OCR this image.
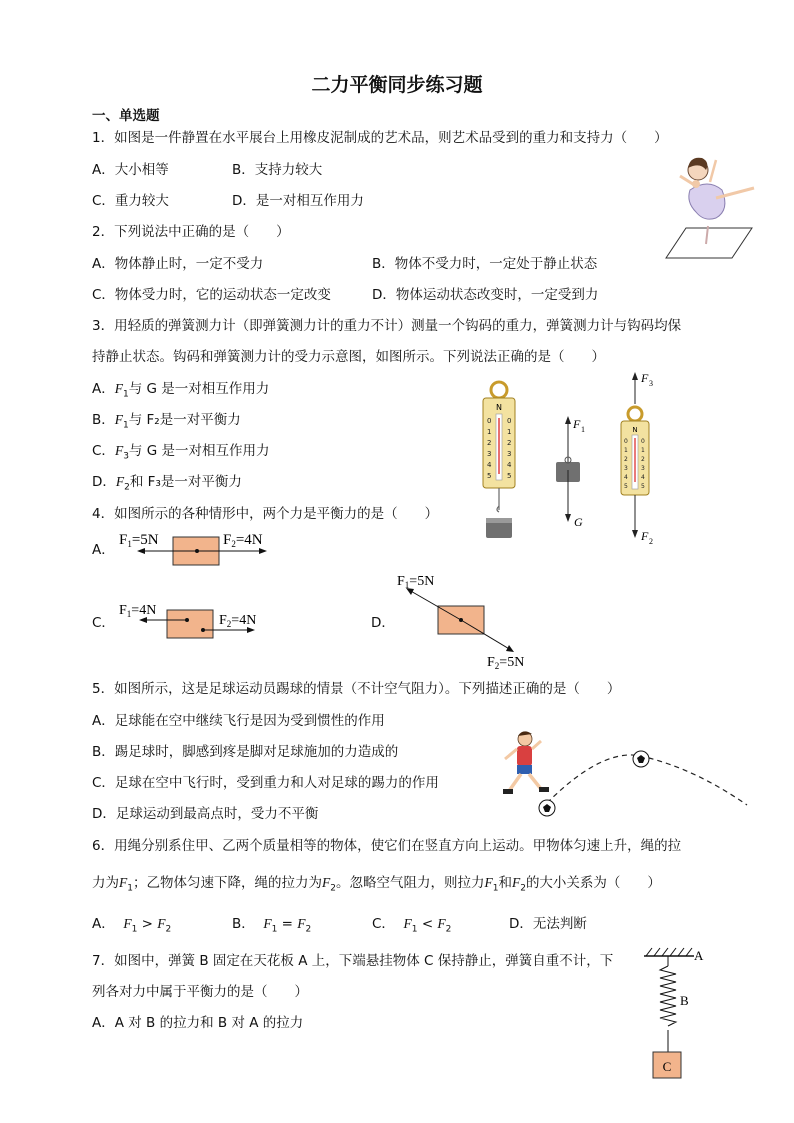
二力平衡同步练习题
一、单选题
1．如图是一件静置在水平展台上用橡皮泥制成的艺术品，则艺术品受到的重力和支持力（　　）
A．大小相等	B．支持力较大
C．重力较大	D．是一对相互作用力
2．下列说法中正确的是（　　）
A．物体静止时，一定不受力	B．物体不受力时，一定处于静止状态
C．物体受力时，它的运动状态一定改变	D．物体运动状态改变时，一定受到力
3．用轻质的弹簧测力计（即弹簧测力计的重力不计）测量一个钩码的重力，弹簧测力计与钩码均保
持静止状态。钩码和弹簧测力计的受力示意图，如图所示。下列说法正确的是（　　）
A．$F_1$与 G 是一对相互作用力
B．$F_1$与 F₂是一对平衡力
C．$F_3$与 G 是一对相互作用力
D．$F_2$和 F₃是一对平衡力
N
0 0
1 1
2 2
3 3
4 4
5 5
F 1
G
F 3
N
0 0
1 1
2 2
3 3
4 4
5 5
F 2
4．如图所示的各种情形中，两个力是平衡力的是（　　）
A．
$F_1=5N$	$F_2=4N$
C．
$F_1=4N$
$F_2=4N$	D．
$F_1=5N$
$F_2=5N$
5．如图所示，这是足球运动员踢球的情景（不计空气阻力）。下列描述正确的是（　　）
A．足球能在空中继续飞行是因为受到惯性的作用
B．踢足球时，脚感到疼是脚对足球施加的力造成的
C．足球在空中飞行时，受到重力和人对足球的踢力的作用
D．足球运动到最高点时，受力不平衡
6．用绳分别系住甲、乙两个质量相等的物体，使它们在竖直方向上运动。甲物体匀速上升，绳的拉
力为$F_1$；乙物体匀速下降，绳的拉力为$F_2$。忽略空气阻力，则拉力$F_1$和$F_2$的大小关系为（　　）
A． $F_1 > F_2$	B． $F_1 = F_2$	C． $F_1 < F_2$	D．无法判断
7．如图中，弹簧 B 固定在天花板 A 上，下端悬挂物体 C 保持静止，弹簧自重不计，下
列各对力中属于平衡力的是（　　）
A．A 对 B 的拉力和 B 对 A 的拉力
A
B
C
